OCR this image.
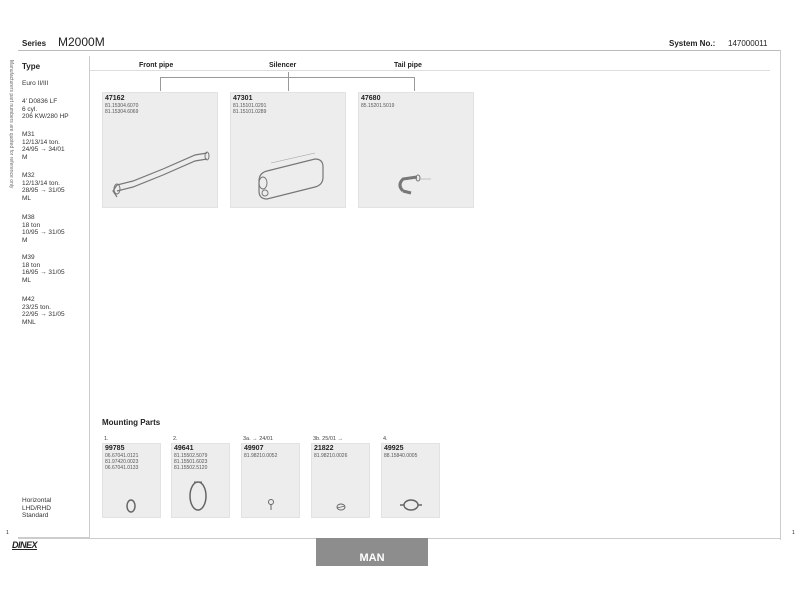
Series M2000M	System No.: 147000011
Manufacturers part numbers are quoted for reference only Type
Euro II/III
4' D0836 LF
6 cyl.
206 KW/280 HP
M31
12/13/14 ton.
24/95 → 34/01
M
M32
12/13/14 ton.
28/95 → 31/05
ML
M38
18 ton
10/95 → 31/05
M
M39
18 ton
16/95 → 31/05
ML
M42
23/25 ton.
22/95 → 31/05
MNL
Horizontal
LHD/RHD
Standard
Front pipe	Silencer	Tail pipe
47162
81.15304.6070
81.15304.6069
47301
81.15101.0291
81.15101.0289
47680
85.15201.5019
Mounting Parts
1.
99785
06.67041.0121
81.97420.0023
06.67041.0133
2.
49641
81.15502.5079
81.15501.6023
81.15502.5120
3a. → 24/01
49907
81.98210.0052
3b. 25/01 →
21822
81.98210.0026
4.
49925
88.15840.0005
1	1
DINEX
MAN
